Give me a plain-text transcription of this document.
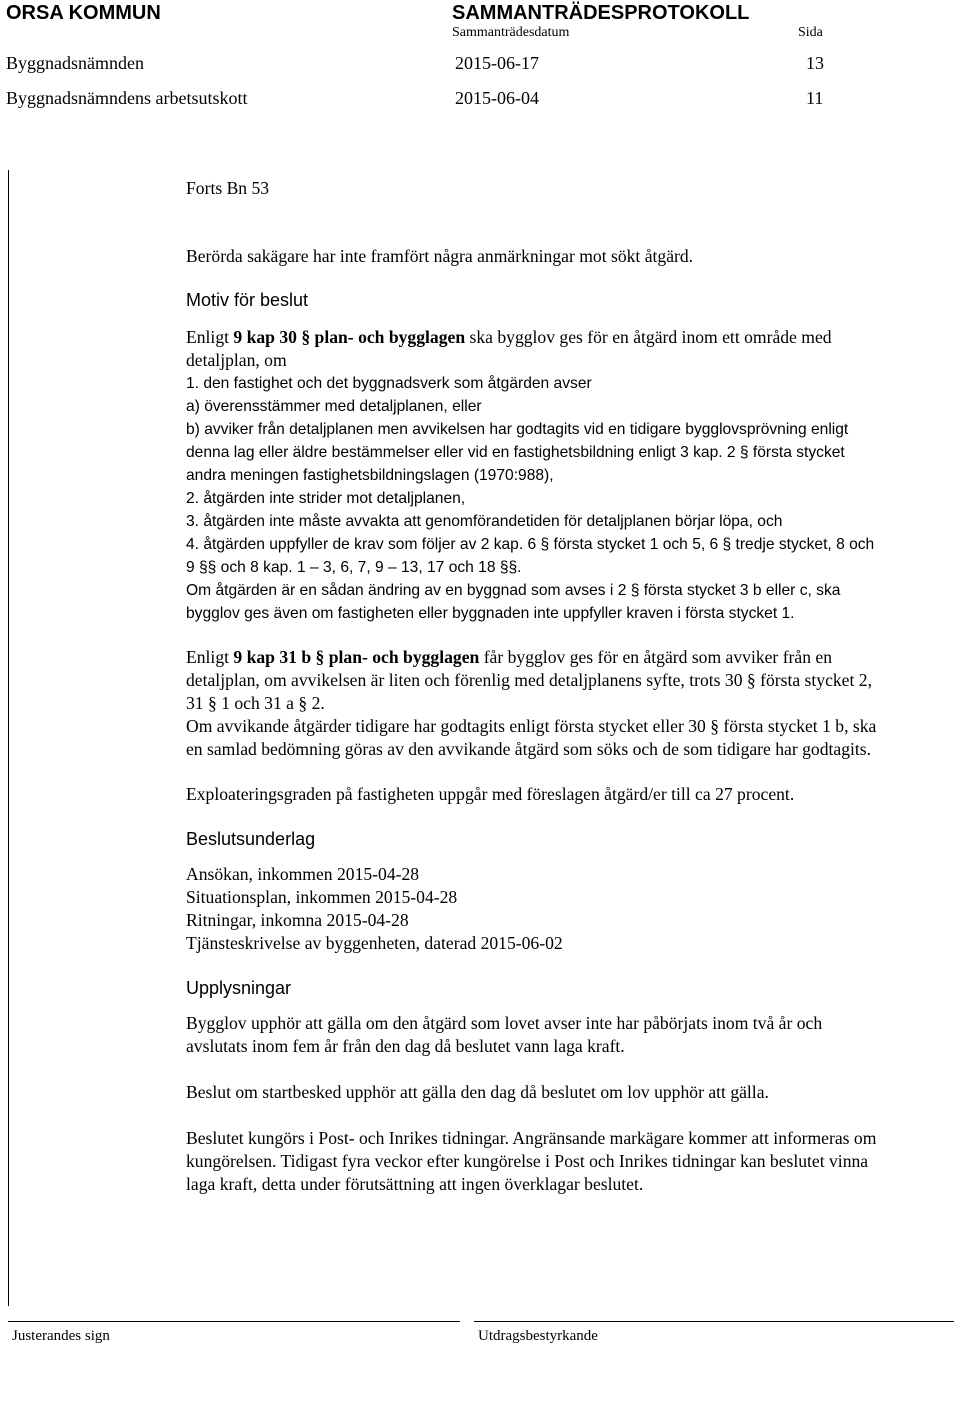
ORSA KOMMUN	SAMMANTRÄDESPROTOKOLL
Sammanträdesdatum	Sida
Byggnadsnämnden	2015-06-17	13
Byggnadsnämndens arbetsutskott	2015-06-04	11

Forts Bn 53

Berörda sakägare har inte framfört några anmärkningar mot sökt åtgärd.

Motiv för beslut

Enligt 9 kap 30 § plan- och bygglagen ska bygglov ges för en åtgärd inom ett område med detaljplan, om

1. den fastighet och det byggnadsverk som åtgärden avser

a) överensstämmer med detaljplanen, eller

b) avviker från detaljplanen men avvikelsen har godtagits vid en tidigare bygglovsprövning enligt denna lag eller äldre bestämmelser eller vid en fastighetsbildning enligt 3 kap. 2 § första stycket andra meningen fastighetsbildningslagen (1970:988),

2. åtgärden inte strider mot detaljplanen,

3. åtgärden inte måste avvakta att genomförandetiden för detaljplanen börjar löpa, och

4. åtgärden uppfyller de krav som följer av 2 kap. 6 § första stycket 1 och 5, 6 § tredje stycket, 8 och 9 §§ och 8 kap. 1 – 3, 6, 7, 9 – 13, 17 och 18 §§.

Om åtgärden är en sådan ändring av en byggnad som avses i 2 § första stycket 3 b eller c, ska bygglov ges även om fastigheten eller byggnaden inte uppfyller kraven i första stycket 1.

Enligt 9 kap 31 b § plan- och bygglagen får bygglov ges för en åtgärd som avviker från en detaljplan, om avvikelsen är liten och förenlig med detaljplanens syfte, trots 30 § första stycket 2, 31 § 1 och 31 a § 2.

Om avvikande åtgärder tidigare har godtagits enligt första stycket eller 30 § första stycket 1 b, ska en samlad bedömning göras av den avvikande åtgärd som söks och de som tidigare har godtagits.

Exploateringsgraden på fastigheten uppgår med föreslagen åtgärd/er till ca 27 procent.

Beslutsunderlag

Ansökan, inkommen 2015-04-28

Situationsplan, inkommen 2015-04-28

Ritningar, inkomna 2015-04-28

Tjänsteskrivelse av byggenheten, daterad 2015-06-02

Upplysningar

Bygglov upphör att gälla om den åtgärd som lovet avser inte har påbörjats inom två år och avslutats inom fem år från den dag då beslutet vann laga kraft.

Beslut om startbesked upphör att gälla den dag då beslutet om lov upphör att gälla.

Beslutet kungörs i Post- och Inrikes tidningar. Angränsande markägare kommer att informeras om kungörelsen. Tidigast fyra veckor efter kungörelse i Post och Inrikes tidningar kan beslutet vinna laga kraft, detta under förutsättning att ingen överklagar beslutet.

Justerandes sign	Utdragsbestyrkande
